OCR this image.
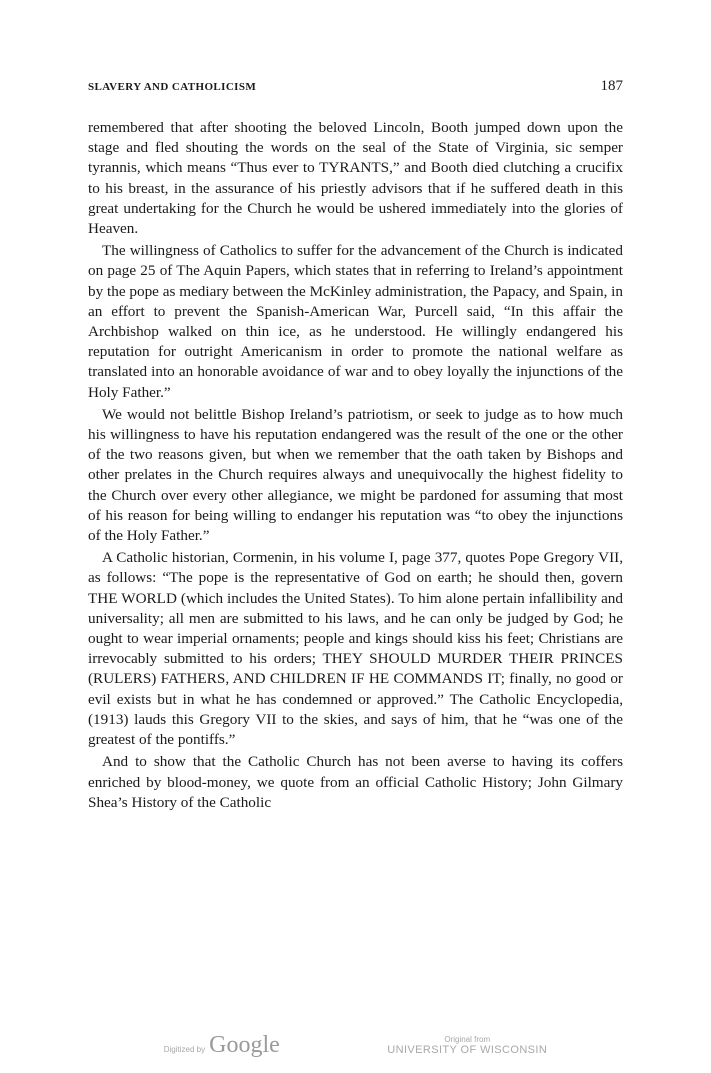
SLAVERY AND CATHOLICISM	187

remembered that after shooting the beloved Lincoln, Booth jumped down upon the stage and fled shouting the words on the seal of the State of Virginia, sic semper tyrannis, which means “Thus ever to TYRANTS,” and Booth died clutching a crucifix to his breast, in the assurance of his priestly advisors that if he suffered death in this great undertaking for the Church he would be ushered immediately into the glories of Heaven.

The willingness of Catholics to suffer for the advancement of the Church is indicated on page 25 of The Aquin Papers, which states that in referring to Ireland’s appointment by the pope as mediary between the McKinley administration, the Papacy, and Spain, in an effort to prevent the Spanish-American War, Purcell said, “In this affair the Archbishop walked on thin ice, as he understood. He willingly endangered his reputation for outright Americanism in order to promote the national welfare as translated into an honorable avoidance of war and to obey loyally the injunctions of the Holy Father.”

We would not belittle Bishop Ireland’s patriotism, or seek to judge as to how much his willingness to have his reputation endangered was the result of the one or the other of the two reasons given, but when we remember that the oath taken by Bishops and other prelates in the Church requires always and unequivocally the highest fidelity to the Church over every other allegiance, we might be pardoned for assuming that most of his reason for being willing to endanger his reputation was “to obey the injunctions of the Holy Father.”

A Catholic historian, Cormenin, in his volume I, page 377, quotes Pope Gregory VII, as follows: “The pope is the representative of God on earth; he should then, govern THE WORLD (which includes the United States). To him alone pertain infallibility and universality; all men are submitted to his laws, and he can only be judged by God; he ought to wear imperial ornaments; people and kings should kiss his feet; Christians are irrevocably submitted to his orders; THEY SHOULD MURDER THEIR PRINCES (RULERS) FATHERS, AND CHILDREN IF HE COMMANDS IT; finally, no good or evil exists but in what he has condemned or approved.” The Catholic Encyclopedia, (1913) lauds this Gregory VII to the skies, and says of him, that he “was one of the greatest of the pontiffs.”

And to show that the Catholic Church has not been averse to having its coffers enriched by blood-money, we quote from an official Catholic History; John Gilmary Shea’s History of the Catholic

Digitized by Google	Original from
UNIVERSITY OF WISCONSIN
